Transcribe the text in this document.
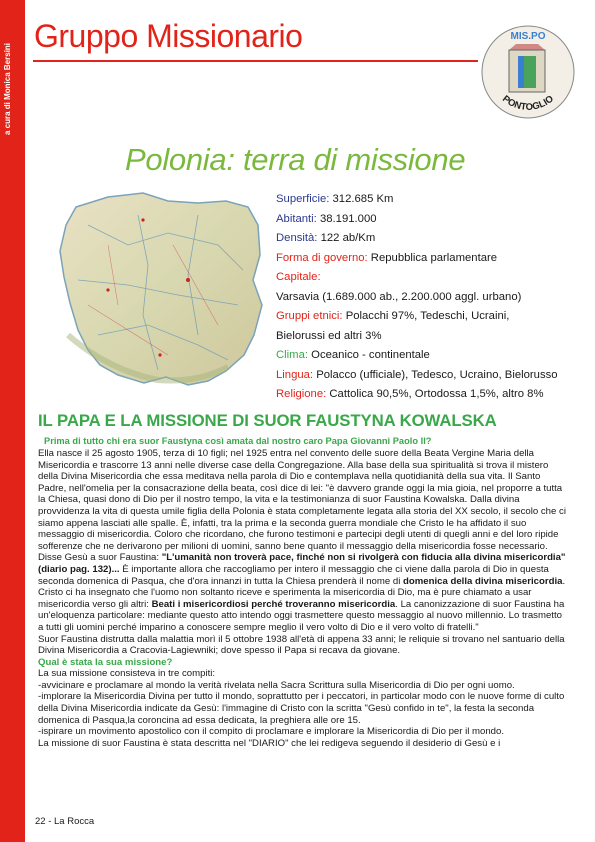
Gruppo Missionario	MIS.PO
PONTOGLIO
Polonia: terra di missione
Superficie: 312.685 Km
Abitanti: 38.191.000
Densità: 122 ab/Km
Forma di governo: Repubblica parlamentare
Capitale:
Varsavia (1.689.000 ab., 2.200.000 aggl. urbano)
Gruppi etnici: Polacchi 97%, Tedeschi, Ucraini,
Bielorussi ed altri 3%
Clima: Oceanico - continentale
Lingua: Polacco (ufficiale), Tedesco, Ucraino, Bielorusso
Religione: Cattolica 90,5%, Ortodossa 1,5%, altro 8%
IL PAPA E LA MISSIONE DI SUOR FAUSTYNA KOWALSKA
Prima di tutto chi era suor Faustyna così amata dal nostro caro Papa Giovanni Paolo II?

Ella nasce il 25 agosto 1905, terza di 10 figli; nel 1925 entra nel convento delle suore della Beata Vergine Maria della Misericordia e trascorre 13 anni nelle diverse case della Congregazione. Alla base della sua spiritualità si trova il mistero della Divina Misericordia che essa meditava nella parola di Dio e contemplava nella quotidianità della sua vita. Il Santo Padre, nell'omelia per la consacrazione della beata, così dice di lei: "è davvero grande oggi la mia gioia, nel proporre a tutta la Chiesa, quasi dono di Dio per il nostro tempo, la vita e la testimonianza di suor Faustina Kowalska. Dalla divina provvidenza la vita di questa umile figlia della Polonia è stata completamente legata alla storia del XX secolo, il secolo che ci siamo appena lasciati alle spalle. È, infatti, tra la prima e la seconda guerra mondiale che Cristo le ha affidato il suo messaggio di misericordia. Coloro che ricordano, che furono testimoni e partecipi degli utenti di quegli anni e del loro ripide sofferenze che ne derivarono per milioni di uomini, sanno bene quanto il messaggio della misericordia fosse necessario. Disse Gesù a suor Faustina: "L'umanità non troverà pace, finché non si rivolgerà con fiducia alla divina misericordia" (diario pag. 132)... È importante allora che raccogliamo per intero il messaggio che ci viene dalla parola di Dio in questa seconda domenica di Pasqua, che d'ora innanzi in tutta la Chiesa prenderà il nome di domenica della divina misericordia. Cristo ci ha insegnato che l'uomo non soltanto riceve e sperimenta la misericordia di Dio, ma è pure chiamato a usar misericordia verso gli altri: Beati i misericordiosi perché troveranno misericordia. La canonizzazione di suor Faustina ha un'eloquenza particolare: mediante questo atto intendo oggi trasmettere questo messaggio al nuovo millennio. Lo trasmetto a tutti gli uomini perché imparino a conoscere sempre meglio il vero volto di Dio e il vero volto di fratelli."

Suor Faustina distrutta dalla malattia morì il 5 ottobre 1938 all'età di appena 33 anni; le reliquie si trovano nel santuario della Divina Misericordia a Cracovia-Lagiewniki; dove spesso il Papa si recava da giovane.

Qual è stata la sua missione?

La sua missione consisteva in tre compiti:

-avvicinare e proclamare al mondo la verità rivelata nella Sacra Scrittura sulla Misericordia di Dio per ogni uomo.

-implorare la Misericordia Divina per tutto il mondo, soprattutto per i peccatori, in particolar modo con le nuove forme di culto della Divina Misericordia indicate da Gesù: l'immagine di Cristo con la scritta "Gesù confido in te", la festa la seconda domenica di Pasqua,la coroncina ad essa dedicata, la preghiera alle ore 15.

-ispirare un movimento apostolico con il compito di proclamare e implorare la Misericordia di Dio per il mondo.

La missione di suor Faustina è stata descritta nel "DIARIO" che lei redigeva seguendo il desiderio di Gesù e i

22 - La Rocca
